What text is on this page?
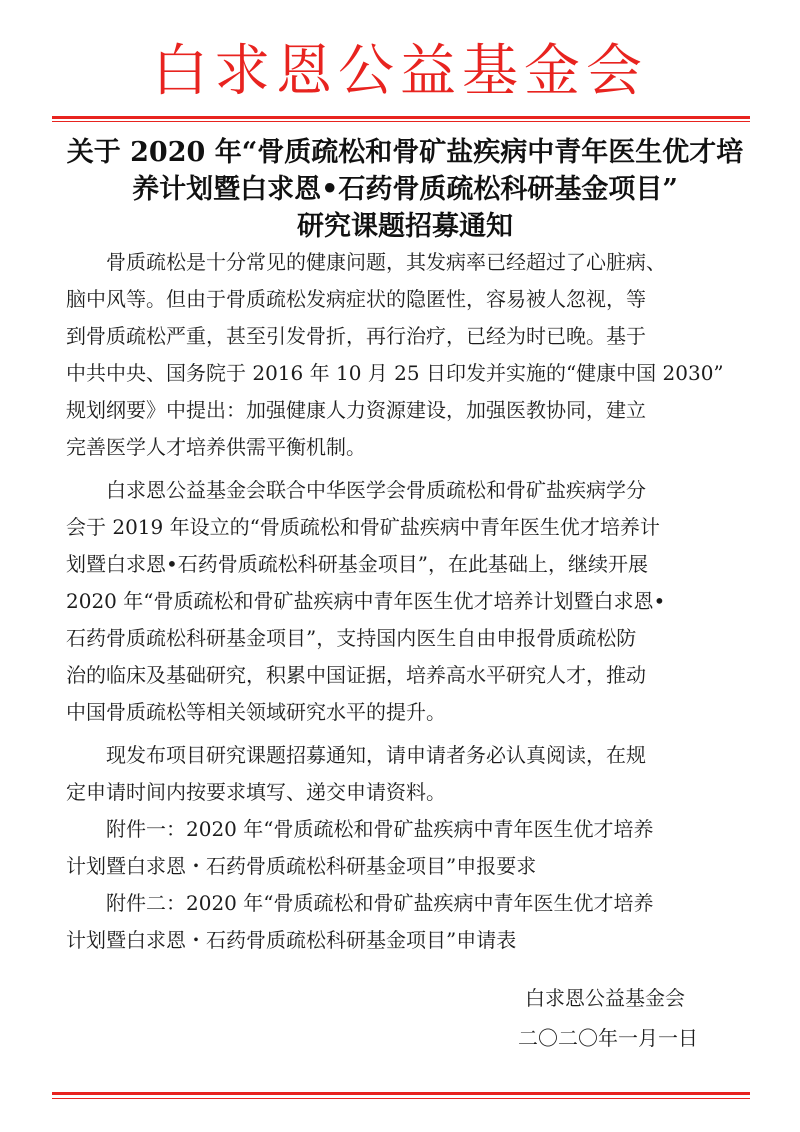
白求恩公益基金会
关于 2020 年“骨质疏松和骨矿盐疾病中青年医生优才培
养计划暨白求恩•石药骨质疏松科研基金项目”
研究课题招募通知
骨质疏松是十分常见的健康问题，其发病率已经超过了心脏病、
脑中风等。但由于骨质疏松发病症状的隐匿性，容易被人忽视，等
到骨质疏松严重，甚至引发骨折，再行治疗，已经为时已晚。基于
中共中央、国务院于 2016 年 10 月 25 日印发并实施的“健康中国 2030”
规划纲要》中提出：加强健康人力资源建设，加强医教协同，建立
完善医学人才培养供需平衡机制。
白求恩公益基金会联合中华医学会骨质疏松和骨矿盐疾病学分
会于 2019 年设立的“骨质疏松和骨矿盐疾病中青年医生优才培养计
划暨白求恩•石药骨质疏松科研基金项目”，在此基础上，继续开展
2020 年“骨质疏松和骨矿盐疾病中青年医生优才培养计划暨白求恩•
石药骨质疏松科研基金项目”，支持国内医生自由申报骨质疏松防
治的临床及基础研究，积累中国证据，培养高水平研究人才，推动
中国骨质疏松等相关领域研究水平的提升。
现发布项目研究课题招募通知，请申请者务必认真阅读，在规
定申请时间内按要求填写、递交申请资料。
附件一：2020 年“骨质疏松和骨矿盐疾病中青年医生优才培养
计划暨白求恩・石药骨质疏松科研基金项目”申报要求
附件二：2020 年“骨质疏松和骨矿盐疾病中青年医生优才培养
计划暨白求恩・石药骨质疏松科研基金项目”申请表
白求恩公益基金会
二〇二〇年一月一日
